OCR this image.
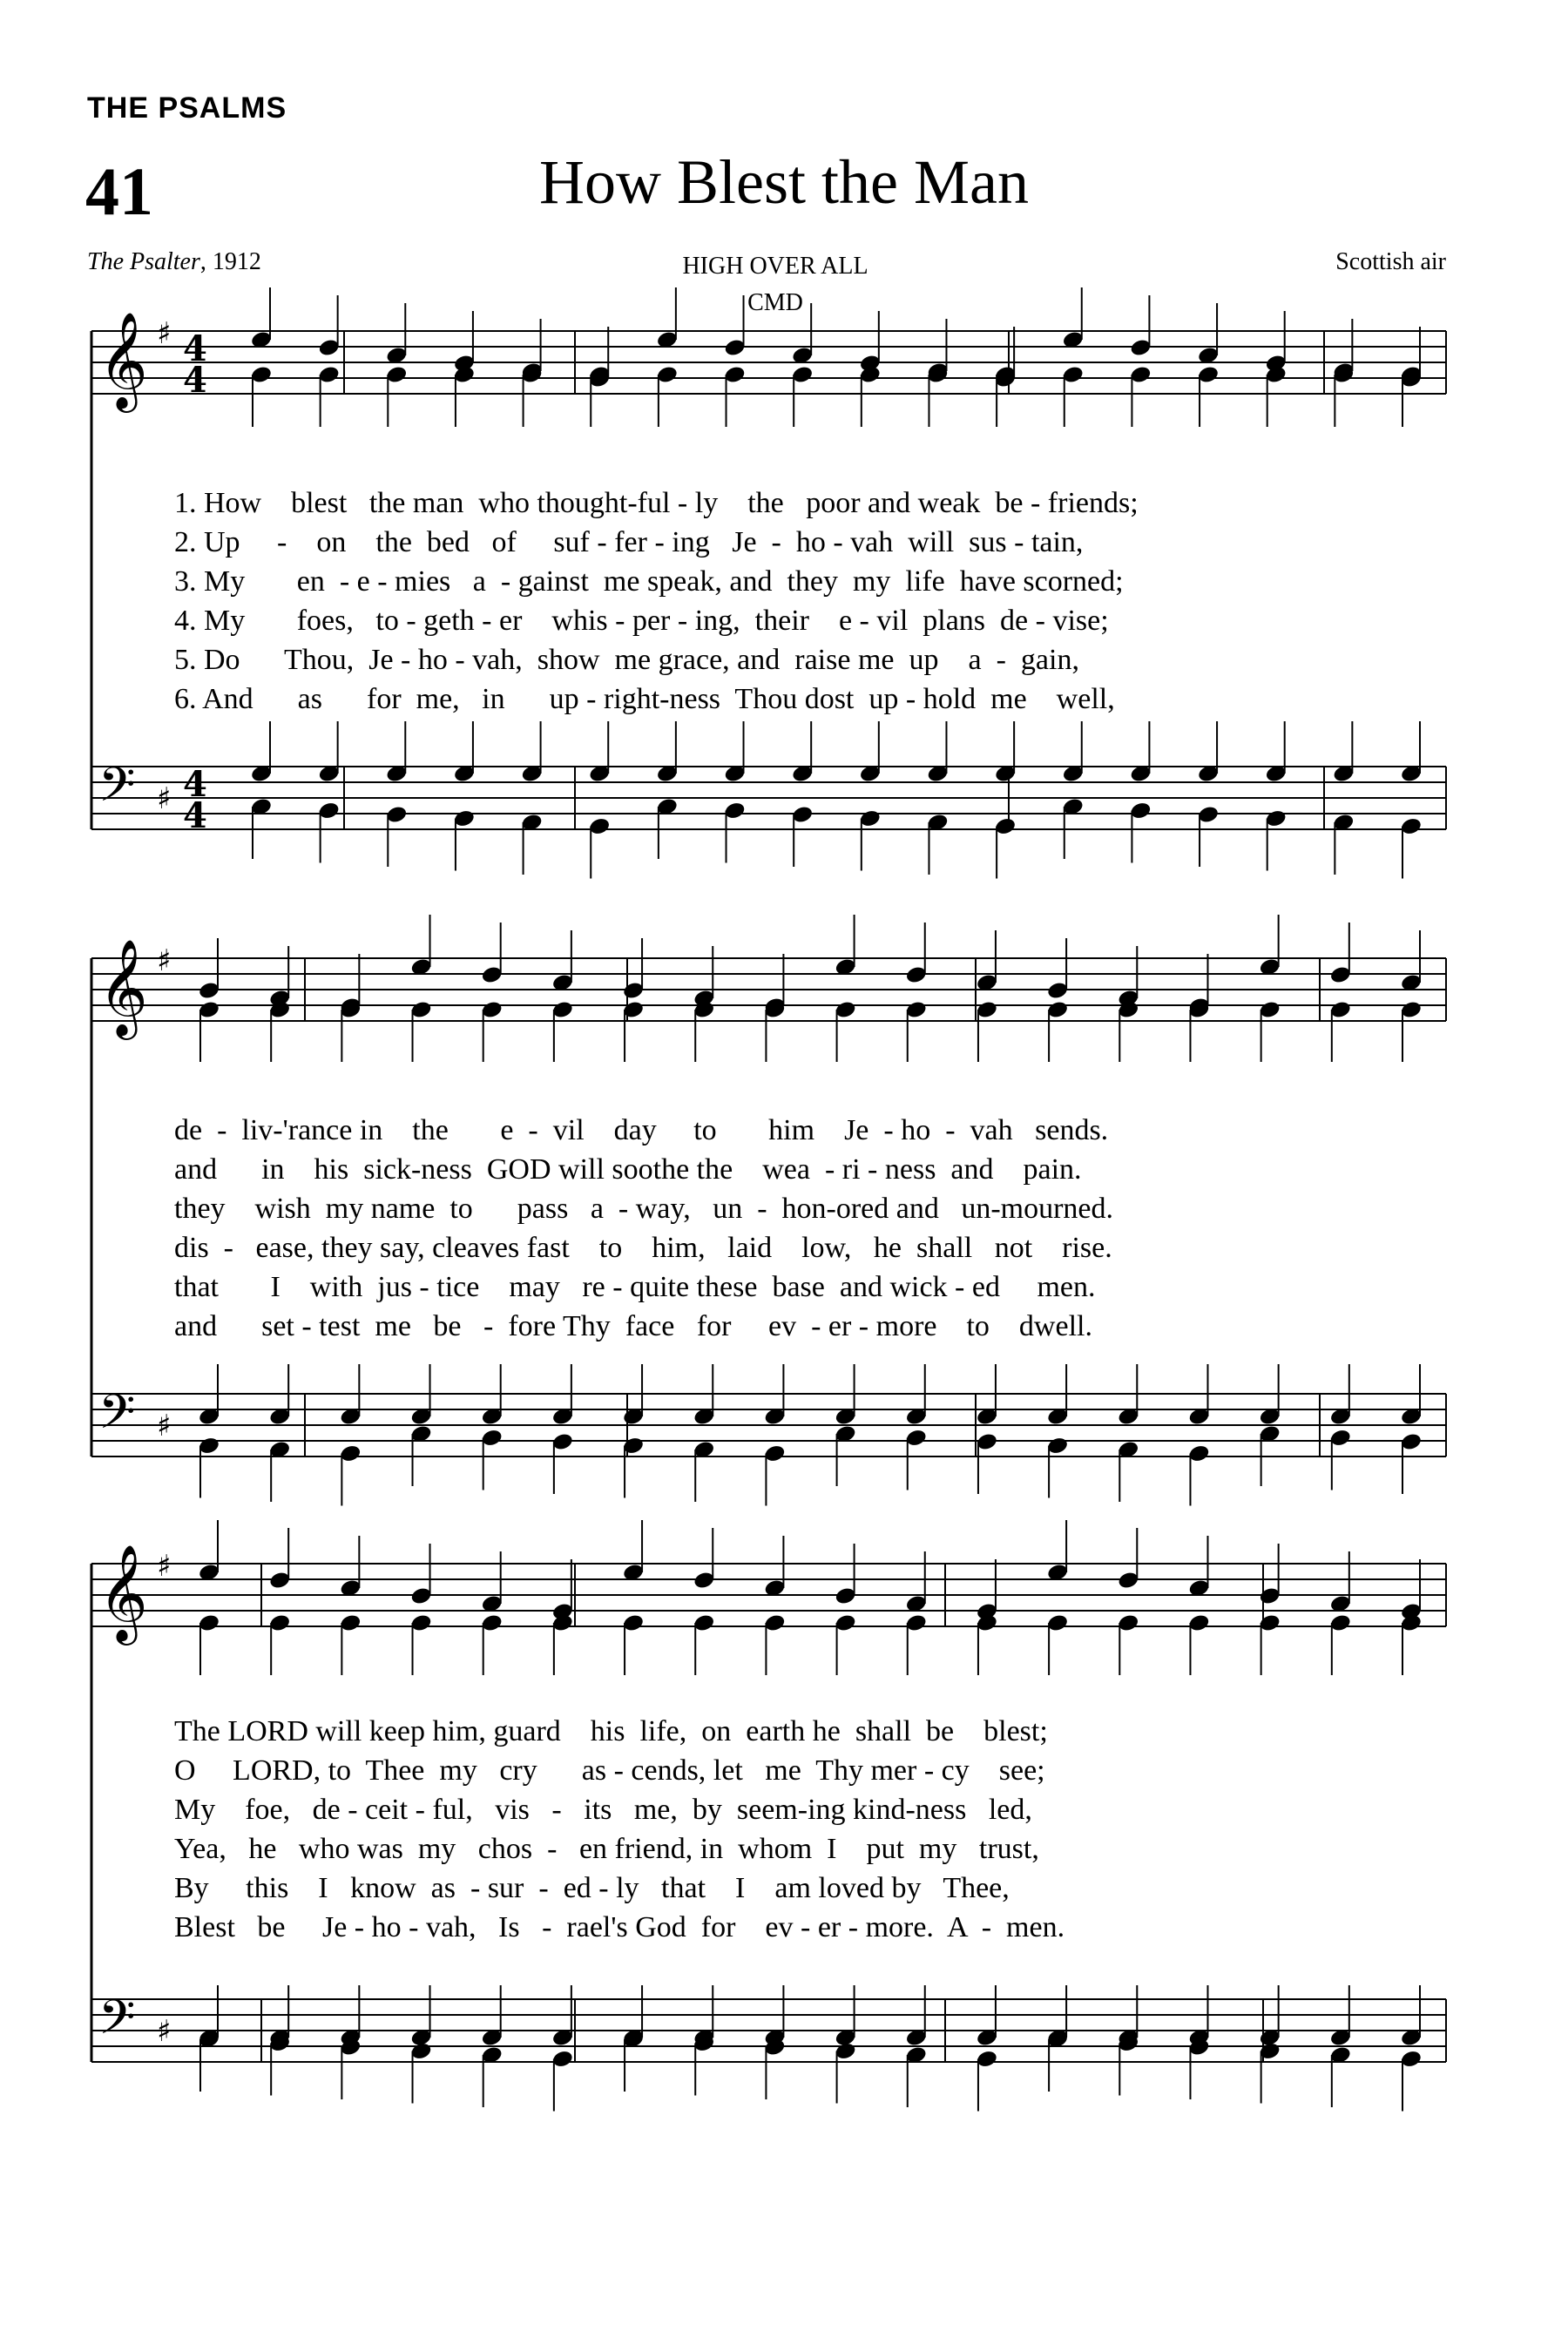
THE PSALMS
41	How Blest the Man
The Psalter, 1912	HIGH OVER ALL
CMD
Scottish air
𝄞 ♯ 4
4
𝄢 ♯ 4
4
𝄞 ♯
𝄢 ♯
𝄞 ♯
𝄢 ♯
1. How    blest   the man  who thought-ful - ly    the   poor and weak  be - friends;
2. Up     -    on    the  bed   of     suf - fer - ing   Je  -  ho - vah  will  sus - tain,
3. My       en  - e - mies   a  - gainst  me speak, and  they  my  life  have scorned;
4. My       foes,   to - geth - er    whis - per - ing,  their    e - vil  plans  de - vise;
5. Do      Thou,  Je - ho - vah,  show  me grace, and  raise me  up    a  -  gain,
6. And      as      for  me,   in      up - right-ness  Thou dost  up - hold  me    well,
de  -  liv-'rance in    the       e  -  vil    day     to       him    Je  - ho  -  vah   sends.
and      in    his  sick-ness  GOD will soothe the    wea  - ri - ness  and    pain.
they    wish  my name  to      pass   a  - way,   un  -  hon-ored and   un-mourned.
dis  -   ease, they say, cleaves fast    to    him,   laid    low,   he  shall   not    rise.
that       I    with  jus - tice    may   re - quite these  base  and wick - ed     men.
and      set - test  me   be   -  fore Thy  face   for     ev  - er - more    to    dwell.
The LORD will keep him, guard    his  life,  on  earth he  shall  be    blest;
O     LORD, to  Thee  my   cry      as - cends, let   me  Thy mer - cy    see;
My    foe,   de - ceit - ful,   vis   -   its   me,  by  seem-ing kind-ness   led,
Yea,   he   who was  my   chos  -   en friend, in  whom  I    put  my   trust,
By     this    I   know  as  - sur  -  ed - ly   that    I    am loved by   Thee,
Blest   be     Je - ho - vah,   Is   -  rael's God  for    ev - er - more.  A  -  men.
